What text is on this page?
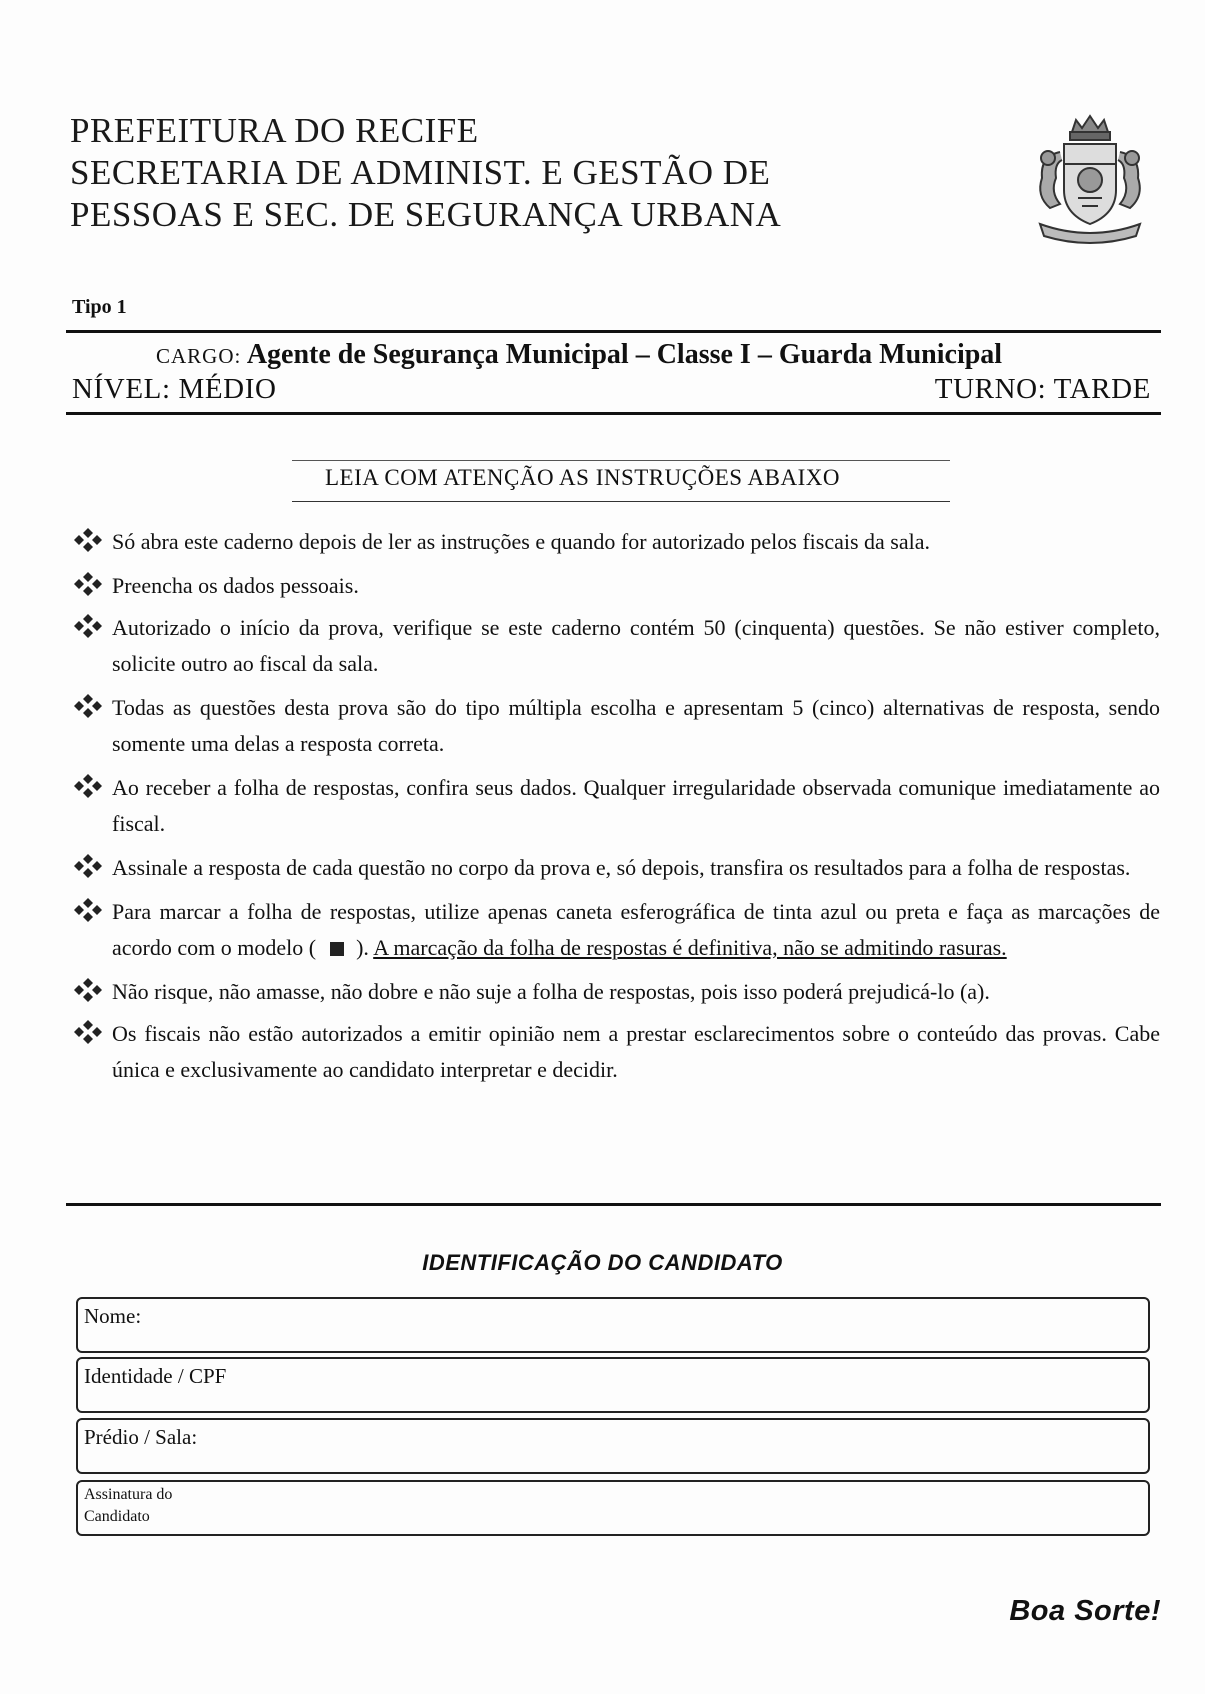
PREFEITURA DO RECIFE
SECRETARIA DE ADMINIST. E GESTÃO DE
PESSOAS E SEC. DE SEGURANÇA URBANA
Tipo 1
CARGO: Agente de Segurança Municipal – Classe I – Guarda Municipal
NÍVEL: MÉDIO	TURNO: TARDE
LEIA COM ATENÇÃO AS INSTRUÇÕES ABAIXO
Só abra este caderno depois de ler as instruções e quando for autorizado pelos fiscais da sala.
Preencha os dados pessoais.
Autorizado o início da prova, verifique se este caderno contém 50 (cinquenta) questões. Se não estiver completo, solicite outro ao fiscal da sala.
Todas as questões desta prova são do tipo múltipla escolha e apresentam 5 (cinco) alternativas de resposta, sendo somente uma delas a resposta correta.
Ao receber a folha de respostas, confira seus dados. Qualquer irregularidade observada comunique imediatamente ao fiscal.
Assinale a resposta de cada questão no corpo da prova e, só depois, transfira os resultados para a folha de respostas.
Para marcar a folha de respostas, utilize apenas caneta esferográfica de tinta azul ou preta e faça as marcações de acordo com o modelo ( ). A marcação da folha de respostas é definitiva, não se admitindo rasuras.
Não risque, não amasse, não dobre e não suje a folha de respostas, pois isso poderá prejudicá-lo (a).
Os fiscais não estão autorizados a emitir opinião nem a prestar esclarecimentos sobre o conteúdo das provas. Cabe única e exclusivamente ao candidato interpretar e decidir.
IDENTIFICAÇÃO DO CANDIDATO
Nome:
Identidade / CPF
Prédio / Sala:
Assinatura do Candidato
Boa Sorte!
